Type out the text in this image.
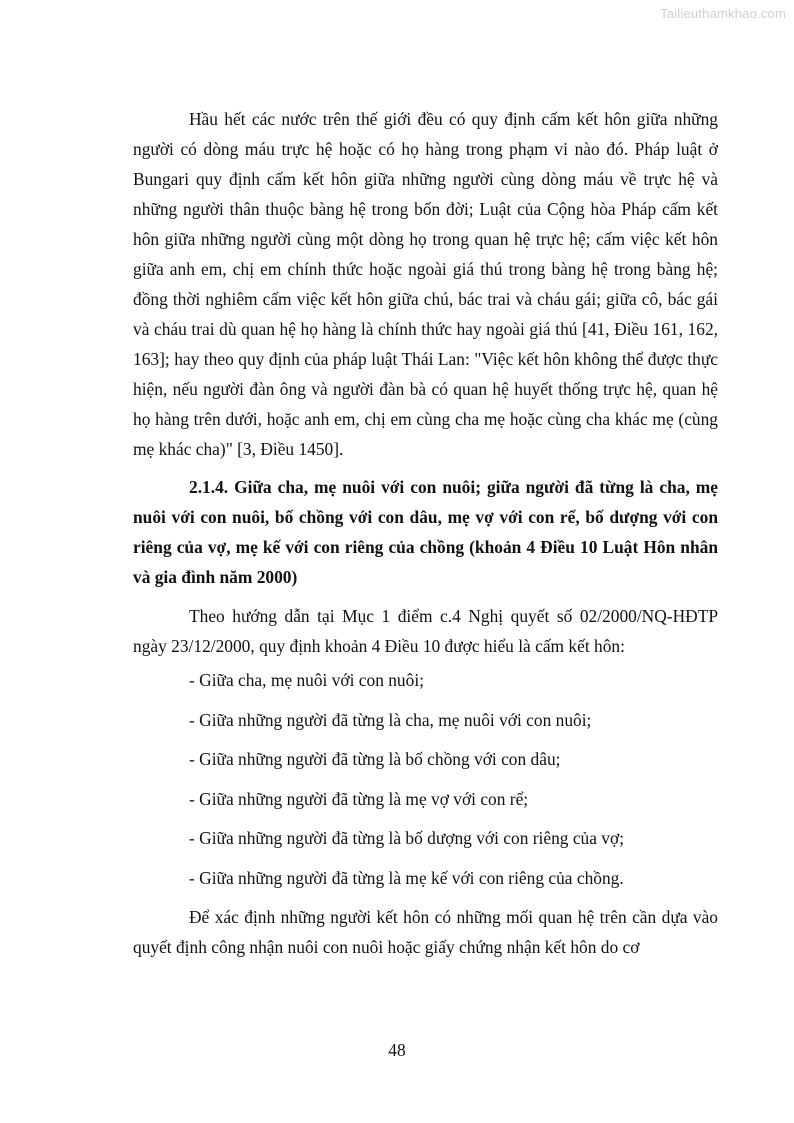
Tailieuthamkhao.com

Hầu hết các nước trên thế giới đều có quy định cấm kết hôn giữa những người có dòng máu trực hệ hoặc có họ hàng trong phạm vi nào đó. Pháp luật ở Bungari quy định cấm kết hôn giữa những người cùng dòng máu về trực hệ và những người thân thuộc bàng hệ trong bốn đời; Luật của Cộng hòa Pháp cấm kết hôn giữa những người cùng một dòng họ trong quan hệ trực hệ; cấm việc kết hôn giữa anh em, chị em chính thức hoặc ngoài giá thú trong bàng hệ trong bàng hệ; đồng thời nghiêm cấm việc kết hôn giữa chú, bác trai và cháu gái; giữa cô, bác gái và cháu trai dù quan hệ họ hàng là chính thức hay ngoài giá thú [41, Điều 161, 162, 163]; hay theo quy định của pháp luật Thái Lan: "Việc kết hôn không thể được thực hiện, nếu người đàn ông và người đàn bà có quan hệ huyết thống trực hệ, quan hệ họ hàng trên dưới, hoặc anh em, chị em cùng cha mẹ hoặc cùng cha khác mẹ (cùng mẹ khác cha)" [3, Điều 1450].

2.1.4. Giữa cha, mẹ nuôi với con nuôi; giữa người đã từng là cha, mẹ nuôi với con nuôi, bố chồng với con dâu, mẹ vợ với con rể, bố dượng với con riêng của vợ, mẹ kế với con riêng của chồng (khoản 4 Điều 10 Luật Hôn nhân và gia đình năm 2000)

Theo hướng dẫn tại Mục 1 điểm c.4 Nghị quyết số 02/2000/NQ-HĐTP ngày 23/12/2000, quy định khoản 4 Điều 10 được hiểu là cấm kết hôn:

- Giữa cha, mẹ nuôi với con nuôi;
- Giữa những người đã từng là cha, mẹ nuôi với con nuôi;
- Giữa những người đã từng là bố chồng với con dâu;
- Giữa những người đã từng là mẹ vợ với con rể;
- Giữa những người đã từng là bố dượng với con riêng của vợ;
- Giữa những người đã từng là mẹ kế với con riêng của chồng.

Để xác định những người kết hôn có những mối quan hệ trên cần dựa vào quyết định công nhận nuôi con nuôi hoặc giấy chứng nhận kết hôn do cơ

48
